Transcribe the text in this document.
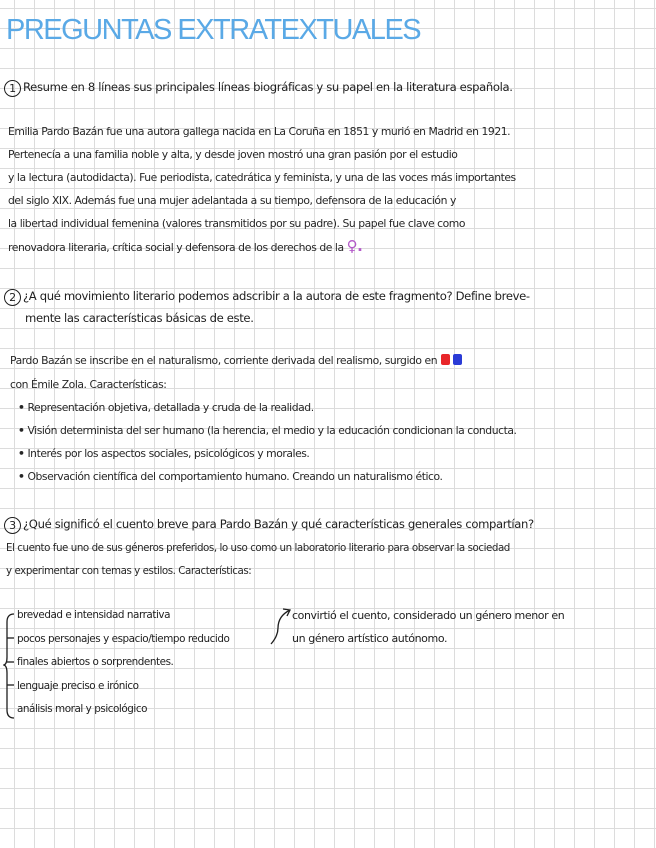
PREGUNTAS EXTRATEXTUALES
1 Resume en 8 líneas sus principales líneas biográficas y su papel en la literatura española.

Emilia Pardo Bazán fue una autora gallega nacida en La Coruña en 1851 y murió en Madrid en 1921.

Pertenecía a una familia noble y alta, y desde joven mostró una gran pasión por el estudio

y la lectura (autodidacta). Fue periodista, catedrática y feminista, y una de las voces más importantes

del siglo XIX. Además fue una mujer adelantada a su tiempo, defensora de la educación y

la libertad individual femenina (valores transmitidos por su padre). Su papel fue clave como

renovadora literaria, crítica social y defensora de los derechos de la ♀.

2 ¿A qué movimiento literario podemos adscribir a la autora de este fragmento? Define breve-
mente las características básicas de este.

Pardo Bazán se inscribe en el naturalismo, corriente derivada del realismo, surgido en

con Émile Zola. Características:

• Representación objetiva, detallada y cruda de la realidad.

• Visión determinista del ser humano (la herencia, el medio y la educación condicionan la conducta.

• Interés por los aspectos sociales, psicológicos y morales.

• Observación científica del comportamiento humano. Creando un naturalismo ético.

3 ¿Qué significó el cuento breve para Pardo Bazán y qué características generales compartían?

El cuento fue uno de sus géneros preferidos, lo uso como un laboratorio literario para observar la sociedad

y experimentar con temas y estilos. Características:

brevedad e intensidad narrativa
pocos personajes y espacio/tiempo reducido
finales abiertos o sorprendentes.
lenguaje preciso e irónico
análisis moral y psicológico
convirtió el cuento, considerado un género menor en
un género artístico autónomo.
